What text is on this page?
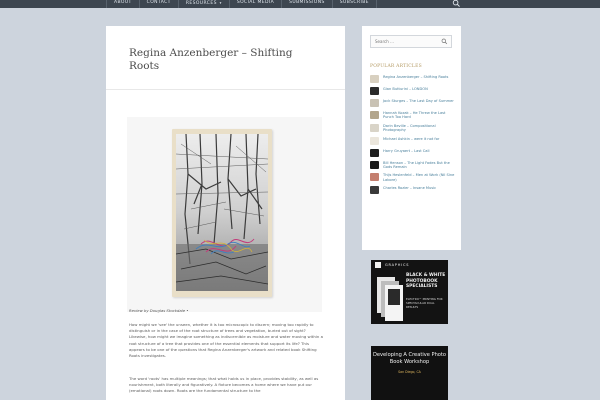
ABOUT	CONTACT	RESOURCES ▾	SOCIAL MEDIA	SUBMISSIONS	SUBSCRIBE
Regina Anzenberger – Shifting Roots
Review by Douglas Stockdale •

How might we 'see' the unseen, whether it is too microscopic to discern; moving too rapidly to distinguish or in the case of the root structure of trees and vegetation, buried out of sight? Likewise, how might we imagine something as indiscernible as moisture and water moving within a root structure of a tree that provides one of the essential elements that support its life? This appears to be one of the questions that Regina Anzenberger's artwork and related book Shifting Roots investigates.

The word 'roots' has multiple meanings; that what holds us in place, provides stability, as well as nourishment, both literally and figuratively. A fixture becomes a home where we have put our (emotional) roots down. Roots are the fundamental structure to the

Search …
POPULAR ARTICLES
Regina Anzenberger – Shifting Roots
Gian Butturini – LONDON
Jock Sturges – The Last Day of Summer
Hannah Kozak – He Threw the Last Punch Too Hard
Darin Beville – Compositional Photography
Michael Ashkin – were it not for
Harry Gruyaert – Last Call
Bill Henson – The Light Fades But the Gods Remain
Thijs Heslenfeld – Men at Work (Nil Sine Labore)
Charles Rozier – Insane Music
GRAPHICS
BLACK & WHITE PHOTOBOOK SPECIALISTS
ELECTRO™ PRINTING FOR SPECTACULAR DUAL RESULTS
Developing A Creative Photo Book Workshop
San Diego, CA
